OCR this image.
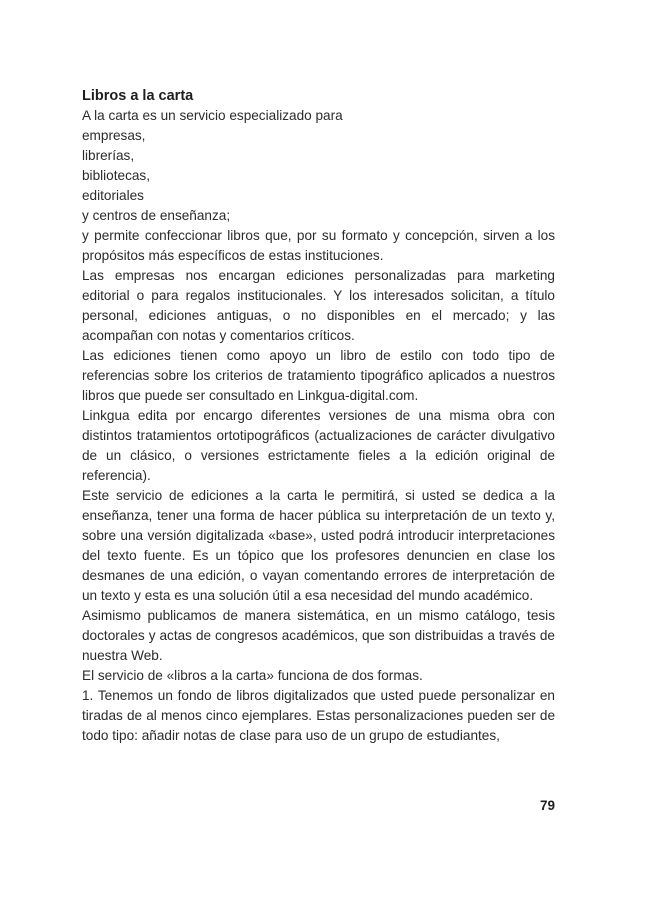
Libros a la carta

A la carta es un servicio especializado para

empresas,

librerías,

bibliotecas,

editoriales

y centros de enseñanza;

y permite confeccionar libros que, por su formato y concepción, sirven a los propósitos más específicos de estas instituciones.

Las empresas nos encargan ediciones personalizadas para marketing editorial o para regalos institucionales. Y los interesados solicitan, a título personal, ediciones antiguas, o no disponibles en el mercado; y las acompañan con notas y comentarios críticos.

Las ediciones tienen como apoyo un libro de estilo con todo tipo de referencias sobre los criterios de tratamiento tipográfico aplicados a nuestros libros que puede ser consultado en Linkgua-digital.com.

Linkgua edita por encargo diferentes versiones de una misma obra con distintos tratamientos ortotipográficos (actualizaciones de carácter divulgativo de un clásico, o versiones estrictamente fieles a la edición original de referencia).

Este servicio de ediciones a la carta le permitirá, si usted se dedica a la enseñanza, tener una forma de hacer pública su interpretación de un texto y, sobre una versión digitalizada «base», usted podrá introducir interpretaciones del texto fuente. Es un tópico que los profesores denuncien en clase los desmanes de una edición, o vayan comentando errores de interpretación de un texto y esta es una solución útil a esa necesidad del mundo académico.

Asimismo publicamos de manera sistemática, en un mismo catálogo, tesis doctorales y actas de congresos académicos, que son distribuidas a través de nuestra Web.

El servicio de «libros a la carta» funciona de dos formas.

1. Tenemos un fondo de libros digitalizados que usted puede personalizar en tiradas de al menos cinco ejemplares. Estas personalizaciones pueden ser de todo tipo: añadir notas de clase para uso de un grupo de estudiantes,

79
